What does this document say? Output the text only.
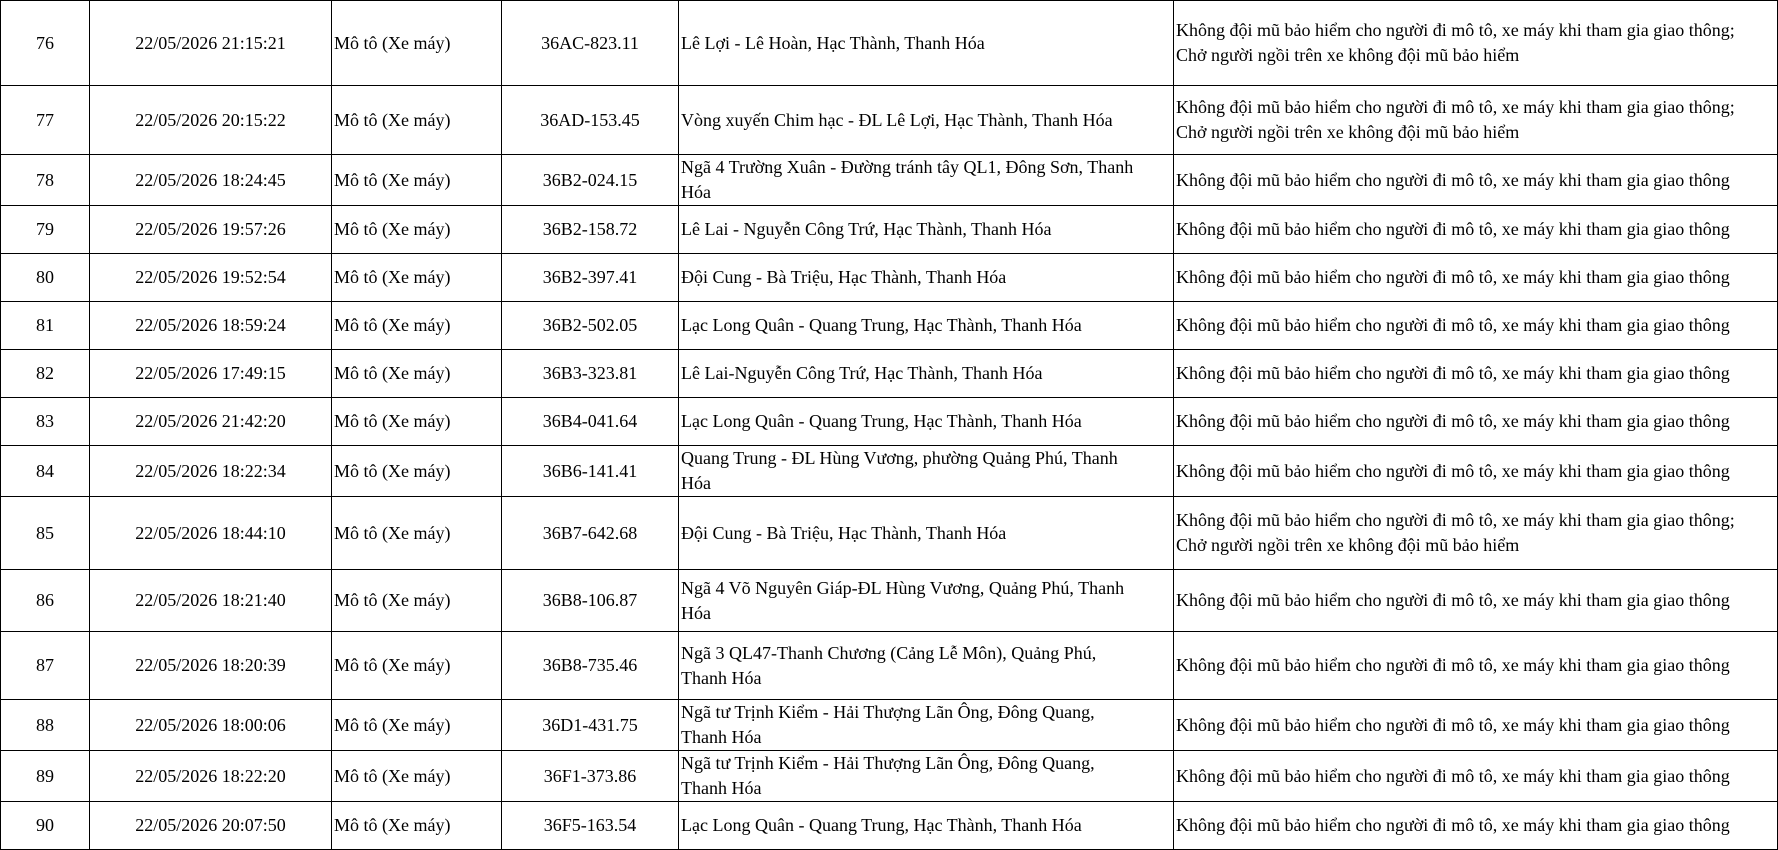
76	22/05/2026 21:15:21	Mô tô (Xe máy)	36AC-823.11	Lê Lợi - Lê Hoàn, Hạc Thành, Thanh Hóa	Không đội mũ bảo hiểm cho người đi mô tô, xe máy khi tham gia giao thông;
Chở người ngồi trên xe không đội mũ bảo hiểm

77	22/05/2026 20:15:22	Mô tô (Xe máy)	36AD-153.45	Vòng xuyến Chim hạc - ĐL Lê Lợi, Hạc Thành, Thanh Hóa	Không đội mũ bảo hiểm cho người đi mô tô, xe máy khi tham gia giao thông;
Chở người ngồi trên xe không đội mũ bảo hiểm

78	22/05/2026 18:24:45	Mô tô (Xe máy)	36B2-024.15	Ngã 4 Trường Xuân - Đường tránh tây QL1, Đông Sơn, Thanh
Hóa	Không đội mũ bảo hiểm cho người đi mô tô, xe máy khi tham gia giao thông

79	22/05/2026 19:57:26	Mô tô (Xe máy)	36B2-158.72	Lê Lai - Nguyễn Công Trứ, Hạc Thành, Thanh Hóa	Không đội mũ bảo hiểm cho người đi mô tô, xe máy khi tham gia giao thông

80	22/05/2026 19:52:54	Mô tô (Xe máy)	36B2-397.41	Đội Cung - Bà Triệu, Hạc Thành, Thanh Hóa	Không đội mũ bảo hiểm cho người đi mô tô, xe máy khi tham gia giao thông

81	22/05/2026 18:59:24	Mô tô (Xe máy)	36B2-502.05	Lạc Long Quân - Quang Trung, Hạc Thành, Thanh Hóa	Không đội mũ bảo hiểm cho người đi mô tô, xe máy khi tham gia giao thông

82	22/05/2026 17:49:15	Mô tô (Xe máy)	36B3-323.81	Lê Lai-Nguyễn Công Trứ, Hạc Thành, Thanh Hóa	Không đội mũ bảo hiểm cho người đi mô tô, xe máy khi tham gia giao thông

83	22/05/2026 21:42:20	Mô tô (Xe máy)	36B4-041.64	Lạc Long Quân - Quang Trung, Hạc Thành, Thanh Hóa	Không đội mũ bảo hiểm cho người đi mô tô, xe máy khi tham gia giao thông

84	22/05/2026 18:22:34	Mô tô (Xe máy)	36B6-141.41	Quang Trung - ĐL Hùng Vương, phường Quảng Phú, Thanh
Hóa	Không đội mũ bảo hiểm cho người đi mô tô, xe máy khi tham gia giao thông

85	22/05/2026 18:44:10	Mô tô (Xe máy)	36B7-642.68	Đội Cung - Bà Triệu, Hạc Thành, Thanh Hóa	Không đội mũ bảo hiểm cho người đi mô tô, xe máy khi tham gia giao thông;
Chở người ngồi trên xe không đội mũ bảo hiểm

86	22/05/2026 18:21:40	Mô tô (Xe máy)	36B8-106.87	Ngã 4 Võ Nguyên Giáp-ĐL Hùng Vương, Quảng Phú, Thanh
Hóa	Không đội mũ bảo hiểm cho người đi mô tô, xe máy khi tham gia giao thông

87	22/05/2026 18:20:39	Mô tô (Xe máy)	36B8-735.46	Ngã 3 QL47-Thanh Chương (Cảng Lễ Môn), Quảng Phú,
Thanh Hóa	Không đội mũ bảo hiểm cho người đi mô tô, xe máy khi tham gia giao thông

88	22/05/2026 18:00:06	Mô tô (Xe máy)	36D1-431.75	Ngã tư Trịnh Kiểm - Hải Thượng Lãn Ông, Đông Quang,
Thanh Hóa	Không đội mũ bảo hiểm cho người đi mô tô, xe máy khi tham gia giao thông

89	22/05/2026 18:22:20	Mô tô (Xe máy)	36F1-373.86	Ngã tư Trịnh Kiểm - Hải Thượng Lãn Ông, Đông Quang,
Thanh Hóa	Không đội mũ bảo hiểm cho người đi mô tô, xe máy khi tham gia giao thông

90	22/05/2026 20:07:50	Mô tô (Xe máy)	36F5-163.54	Lạc Long Quân - Quang Trung, Hạc Thành, Thanh Hóa	Không đội mũ bảo hiểm cho người đi mô tô, xe máy khi tham gia giao thông
